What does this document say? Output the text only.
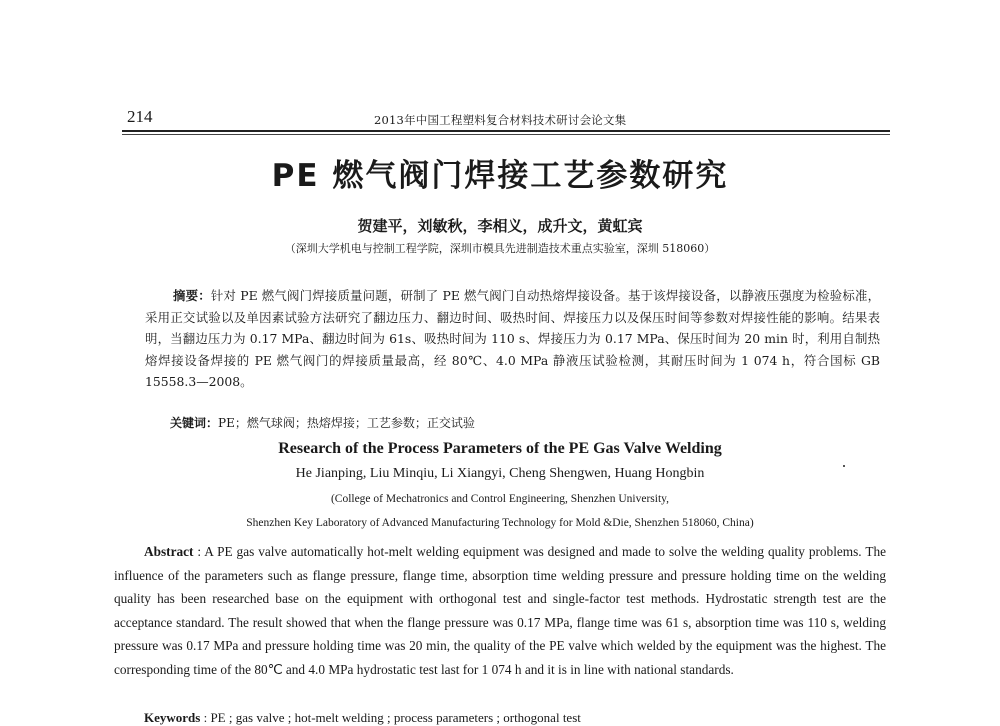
214	2013年中国工程塑料复合材料技术研讨会论文集
PE 燃气阀门焊接工艺参数研究
贺建平，刘敏秋，李相义，成升文，黄虹宾
（深圳大学机电与控制工程学院，深圳市模具先进制造技术重点实验室，深圳 518060）
摘要：针对 PE 燃气阀门焊接质量问题，研制了 PE 燃气阀门自动热熔焊接设备。基于该焊接设备，以静液压强度为检验标准，采用正交试验以及单因素试验方法研究了翻边压力、翻边时间、吸热时间、焊接压力以及保压时间等参数对焊接性能的影响。结果表明，当翻边压力为 0.17 MPa、翻边时间为 61s、吸热时间为 110 s、焊接压力为 0.17 MPa、保压时间为 20 min 时，利用自制热熔焊接设备焊接的 PE 燃气阀门的焊接质量最高，经 80℃、4.0 MPa 静液压试验检测，其耐压时间为 1 074 h，符合国标 GB 15558.3—2008。
关键词：PE；燃气球阀；热熔焊接；工艺参数；正交试验
Research of the Process Parameters of the PE Gas Valve Welding
He Jianping, Liu Minqiu, Li Xiangyi, Cheng Shengwen, Huang Hongbin
(College of Mechatronics and Control Engineering, Shenzhen University,
Shenzhen Key Laboratory of Advanced Manufacturing Technology for Mold &Die, Shenzhen 518060, China)
Abstract : A PE gas valve automatically hot-melt welding equipment was designed and made to solve the welding quality problems. The influence of the parameters such as flange pressure, flange time, absorption time welding pressure and pressure holding time on the welding quality has been researched base on the equipment with orthogonal test and single-factor test methods. Hydrostatic strength test are the acceptance standard. The result showed that when the flange pressure was 0.17 MPa, flange time was 61 s, absorption time was 110 s, welding pressure was 0.17 MPa and pressure holding time was 20 min, the quality of the PE valve which welded by the equipment was the highest. The corresponding time of the 80℃ and 4.0 MPa hydrostatic test last for 1 074 h and it is in line with national standards.
Keywords : PE ; gas valve ; hot-melt welding ; process parameters ; orthogonal test
